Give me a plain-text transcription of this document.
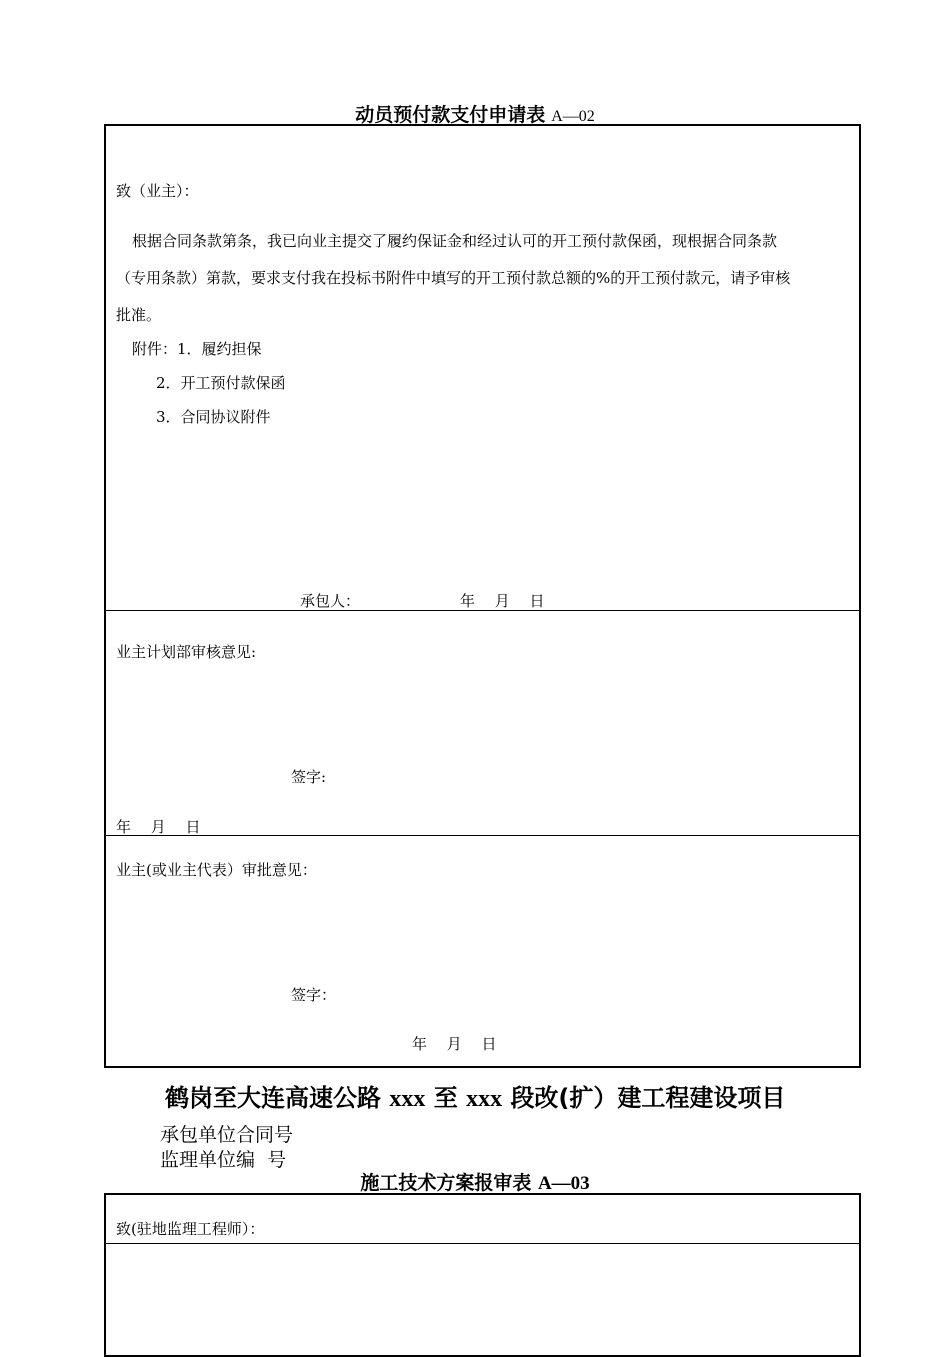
动员预付款支付申请表 A—02
致（业主）：
根据合同条款第条，我已向业主提交了履约保证金和经过认可的开工预付款保函，现根据合同条款
（专用条款）第款，要求支付我在投标书附件中填写的开工预付款总额的%的开工预付款元，请予审核
批准。
附件：1．履约担保
2．开工预付款保函
3．合同协议附件
承包人：	年　 月　 日
业主计划部审核意见:
签字:
年　 月　 日
业主(或业主代表）审批意见：
签字：
年　 月　 日
鹤岗至大连高速公路 xxx 至 xxx 段改(扩）建工程建设项目
承包单位合同号
监理单位编  号
施工技术方案报审表 A—03
致(驻地监理工程师）：
